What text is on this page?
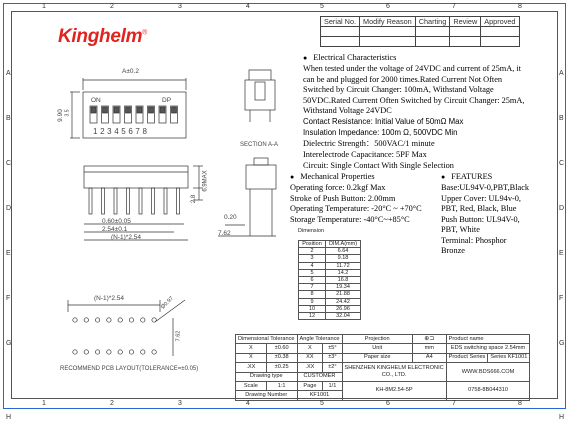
Kinghelm®
Serial No.	Modify Reason	Charting	Review	Approved

A±0.2
ON	DP
9.90 3.5
1 2 3 4 5 6 7 8
SECTION A-A
6.9MAX
2.8
0.60±0.05
2.54±0.1
(N-1)*2.54
0.20
7.62
(N-1)*2.54	Ø0.97
7.62
RECOMMEND PCB LAYOUT(TOLERANCE=±0.05)
● Electrical Characteristics
When tested under the voltage of 24VDC and current of 25mA, it
can be and plugged for 2000 times.Rated Current Not Often
Switched by Circuit Changer: 100mA, Withstand Voltage
50VDC.Rated Current Often Switched by Circuit Changer: 25mA,
Withstand Voltage 24VDC
Contact Resistance: Initial Value of 50mΩ Max
Insulation Impedance: 100m Ω, 500VDC Min
Dielectric Strength：500VAC/1 minute
Interelectrode Capacitance: 5PF Max
Circuit: Single Contact With Single Selection
● Mechanical Properties
Operating force: 0.2kgf Max
Stroke of Push Button: 2.00mm
Operating Temperature: -20°C ~ +70°C
Storage Temperature: -40°C~+85°C
● FEATURES
Base:UL94V-0,PBT,Black
Upper Cover: UL94v-0,
PBT, Red, Black, Blue
Push Button: UL94V-0,
PBT, White
Terminal: Phosphor
Bronze
Dimension
Position	DIM.A(mm)
2	6.64
3	9.18
4	11.72
5	14.2
6	16.8
7	19.34
8	21.88
9	24.42
10	26.96
12	32.04
Dimensional Tolerance		Angle Tolerance		Projection	⊕⊐	Product name	
X	±0.60	X	±5°	Unit	mm	EDS switching space 2.54mm	
X	±0.38	XX	±3°	Paper size	A4	Product Series	Series KF1001
.XX	±0.25	.XX	±2°	SHENZHEN KINGHELM ELECTRONIC
CO., LTD.		WWW.BDS666.COM	
Drawing type		CUSTOMER					
Scale	1:1	Page	1/1	KH-8M2.54-5P		0758-8B044310	
Drawing Number		KF1001					
1
1
2
2
3
3
4
4
5
5
6
6
7
7
8
8
A	A
B	B
C	C
D	D
E	E
F	F
G	G
H	H
